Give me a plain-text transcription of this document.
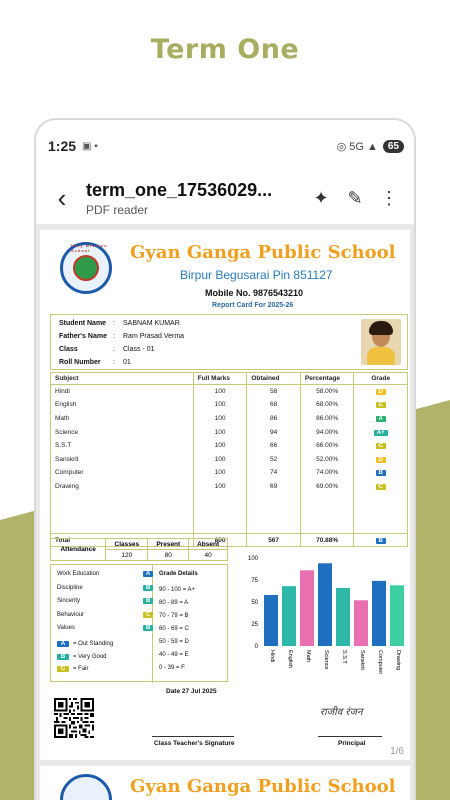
Term One
1:25 ▣ ▪	◎ 5G ▲	65
‹	term_one_17536029...
PDF reader
✦	✎ ⋮
Holy Mission School	Gyan Ganga Public School
Birpur Begusarai Pin 851127
Mobile No. 9876543210
Report Card For 2025-26
Student Name : SABNAM KUMAR
Father's Name : Ram Prasad Verma
Class	: Class - 01
Roll Number : 01
Subject	Full Marks	Obtained	Percentage	Grade
Hindi	100	58	58.00%	D
English	100	68	68.00%	C
Math	100	86	86.00%	A
Science	100	94	94.00%	A+
S.S.T	100	66	66.00%	C
Sanskrit	100	52	52.00%	D
Computer	100	74	74.00%	B
Drawing	100	69	69.00%	C

Total	800	567	70.88%	B
Attendance	Classes	Present	Absent
	120	80	40
Work Education	A
Discipline	B
Sincerity	B
Behaviour	C
Values	B
A = Out Standing
B = Very Good
C = Fair
Grade Details
90 - 100 = A+
80 - 89 = A
70 - 79 = B
60 - 69 = C
50 - 59 = D
40 - 49 = E
0 - 39 = F
Date 27 Jul 2025
राजीव रंजन
Class Teacher's Signature	Principal
0
25
50
75
100
Hindi English Math Science S.S.T Sanskrit Computer Drawing
1/6
Gyan Ganga Public School
